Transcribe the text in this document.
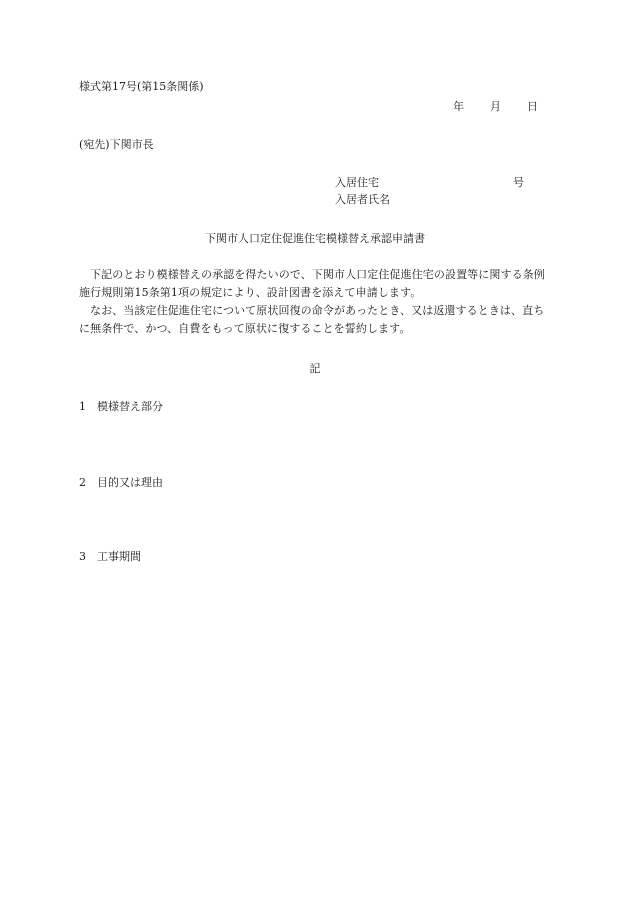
様式第17号(第15条関係)
年 月 日
(宛先)下関市長
入居住宅	号
入居者氏名
下関市人口定住促進住宅模様替え承認申請書

下記のとおり模様替えの承認を得たいので、下関市人口定住促進住宅の設置等に関する条例施行規則第15条第1項の規定により、設計図書を添えて申請します。

なお、当該定住促進住宅について原状回復の命令があったとき、又は返還するときは、直ちに無条件で、かつ、自費をもって原状に復することを誓約します。

記
1 模様替え部分
2 目的又は理由
3 工事期間
